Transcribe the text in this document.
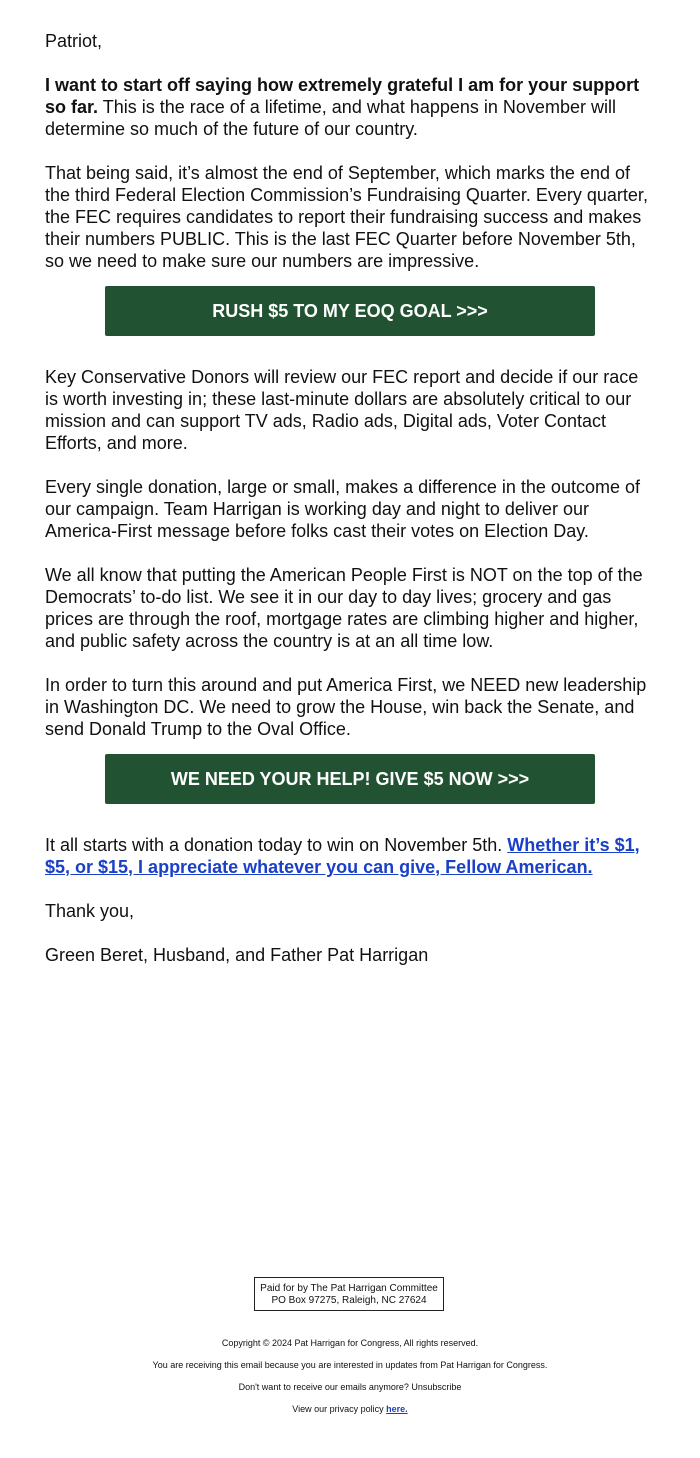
Patriot,

I want to start off saying how extremely grateful I am for your support so far. This is the race of a lifetime, and what happens in November will determine so much of the future of our country.

That being said, it’s almost the end of September, which marks the end of the third Federal Election Commission’s Fundraising Quarter. Every quarter, the FEC requires candidates to report their fundraising success and makes their numbers PUBLIC. This is the last FEC Quarter before November 5th, so we need to make sure our numbers are impressive.

RUSH $5 TO MY EOQ GOAL >>>

Key Conservative Donors will review our FEC report and decide if our race is worth investing in; these last-minute dollars are absolutely critical to our mission and can support TV ads, Radio ads, Digital ads, Voter Contact Efforts, and more.

Every single donation, large or small, makes a difference in the outcome of our campaign. Team Harrigan is working day and night to deliver our America-First message before folks cast their votes on Election Day.

We all know that putting the American People First is NOT on the top of the Democrats’ to-do list. We see it in our day to day lives; grocery and gas prices are through the roof, mortgage rates are climbing higher and higher, and public safety across the country is at an all time low.

In order to turn this around and put America First, we NEED new leadership in Washington DC. We need to grow the House, win back the Senate, and send Donald Trump to the Oval Office.

WE NEED YOUR HELP! GIVE $5 NOW >>>

It all starts with a donation today to win on November 5th. Whether it’s $1, $5, or $15, I appreciate whatever you can give, Fellow American.

Thank you,

Green Beret, Husband, and Father Pat Harrigan

Paid for by The Pat Harrigan Committee
PO Box 97275, Raleigh, NC 27624
Copyright © 2024 Pat Harrigan for Congress, All rights reserved.
You are receiving this email because you are interested in updates from Pat Harrigan for Congress.
Don't want to receive our emails anymore? Unsubscribe
View our privacy policy here.
